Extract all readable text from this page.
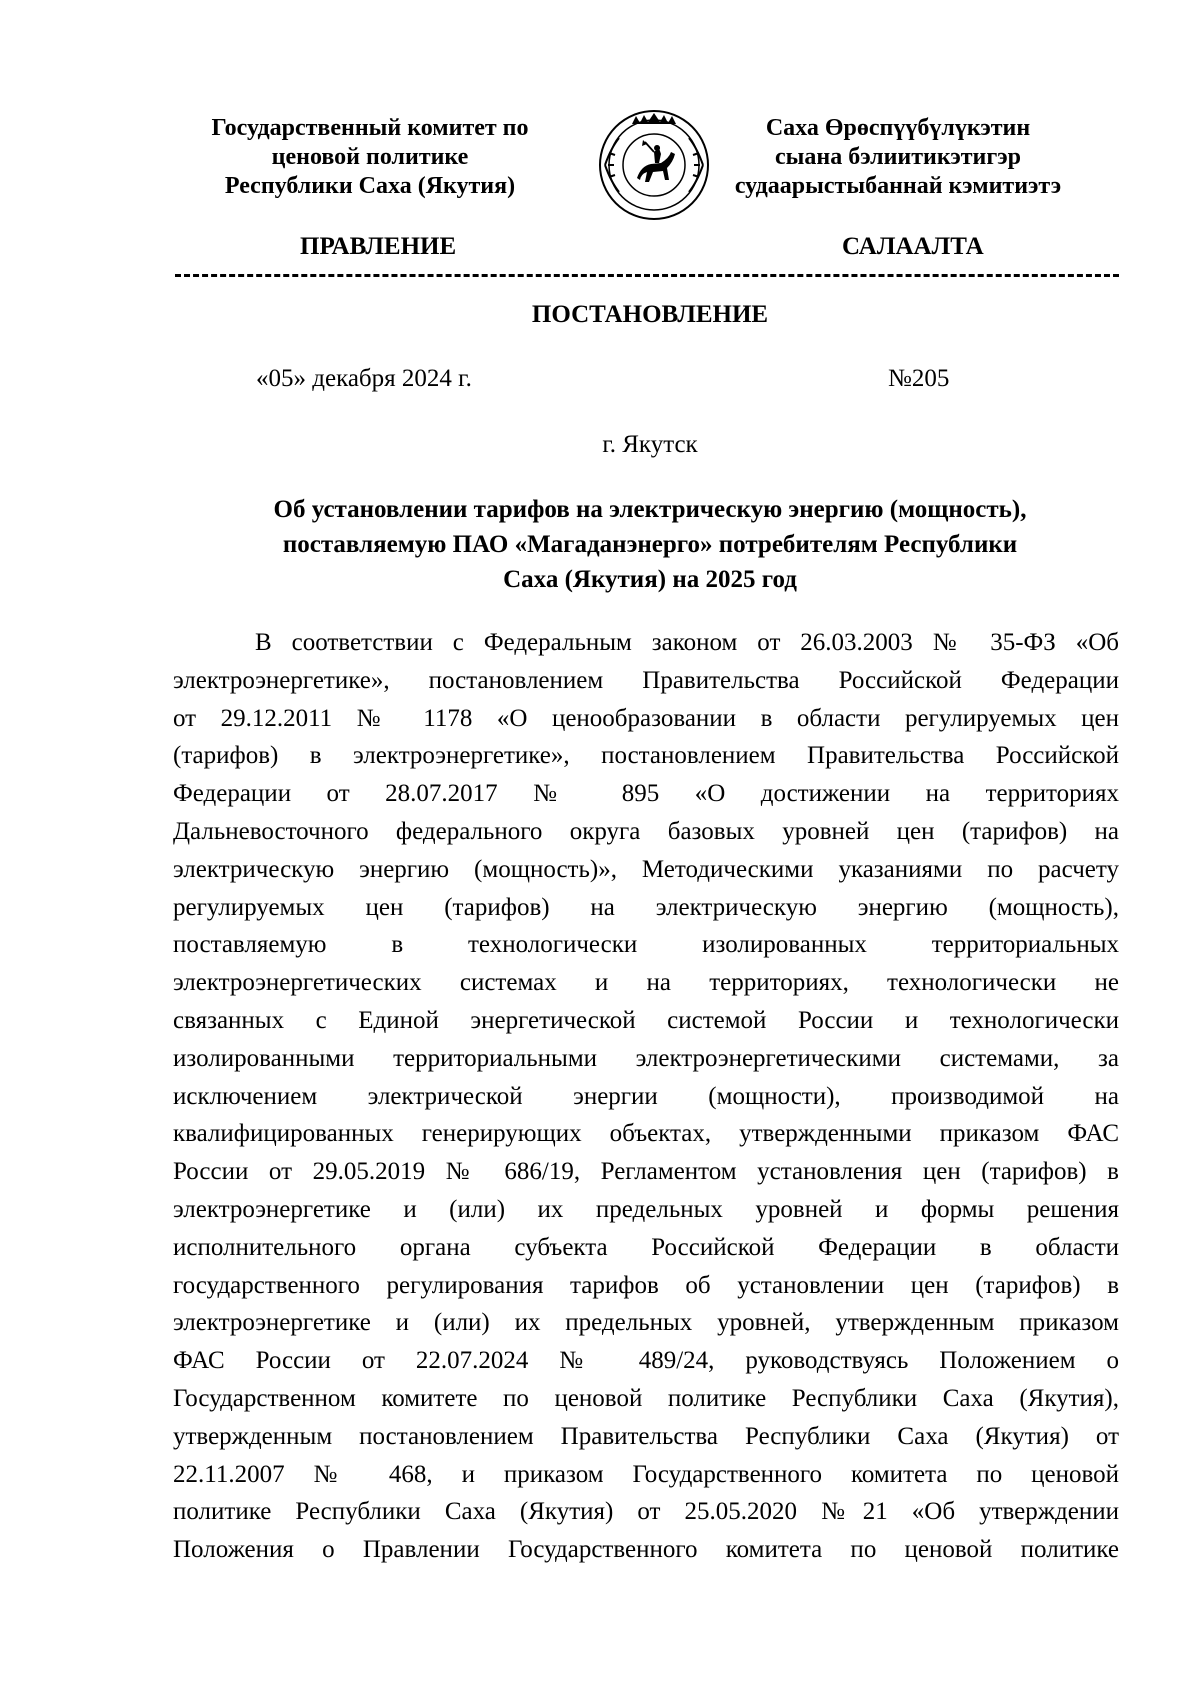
Государственный комитет по
ценовой политике
Республики Саха (Якутия)
Саха Өрөспүүбүлүкэтин
сыана бэлиитикэтигэр
судаарыстыбаннай кэмитиэтэ
ПРАВЛЕНИЕ	САЛААЛТА
ПОСТАНОВЛЕНИЕ
«05» декабря 2024 г.	№205
г. Якутск
Об установлении тарифов на электрическую энергию (мощность),
поставляемую ПАО «Магаданэнерго» потребителям Республики
Саха (Якутия) на 2025 год
В соответствии с Федеральным законом от 26.03.2003 № 35-ФЗ «Об
электроэнергетике», постановлением Правительства Российской Федерации
от 29.12.2011 № 1178 «О ценообразовании в области регулируемых цен
(тарифов) в электроэнергетике», постановлением Правительства Российской
Федерации от 28.07.2017 № 895 «О достижении на территориях
Дальневосточного федерального округа базовых уровней цен (тарифов) на
электрическую энергию (мощность)», Методическими указаниями по расчету
регулируемых цен (тарифов) на электрическую энергию (мощность),
поставляемую в технологически изолированных территориальных
электроэнергетических системах и на территориях, технологически не
связанных с Единой энергетической системой России и технологически
изолированными территориальными электроэнергетическими системами, за
исключением электрической энергии (мощности), производимой на
квалифицированных генерирующих объектах, утвержденными приказом ФАС
России от 29.05.2019 № 686/19, Регламентом установления цен (тарифов) в
электроэнергетике и (или) их предельных уровней и формы решения
исполнительного органа субъекта Российской Федерации в области
государственного регулирования тарифов об установлении цен (тарифов) в
электроэнергетике и (или) их предельных уровней, утвержденным приказом
ФАС России от 22.07.2024 № 489/24, руководствуясь Положением о
Государственном комитете по ценовой политике Республики Саха (Якутия),
утвержденным постановлением Правительства Республики Саха (Якутия) от
22.11.2007 № 468, и приказом Государственного комитета по ценовой
политике Республики Саха (Якутия) от 25.05.2020 №21 «Об утверждении
Положения о Правлении Государственного комитета по ценовой политике
